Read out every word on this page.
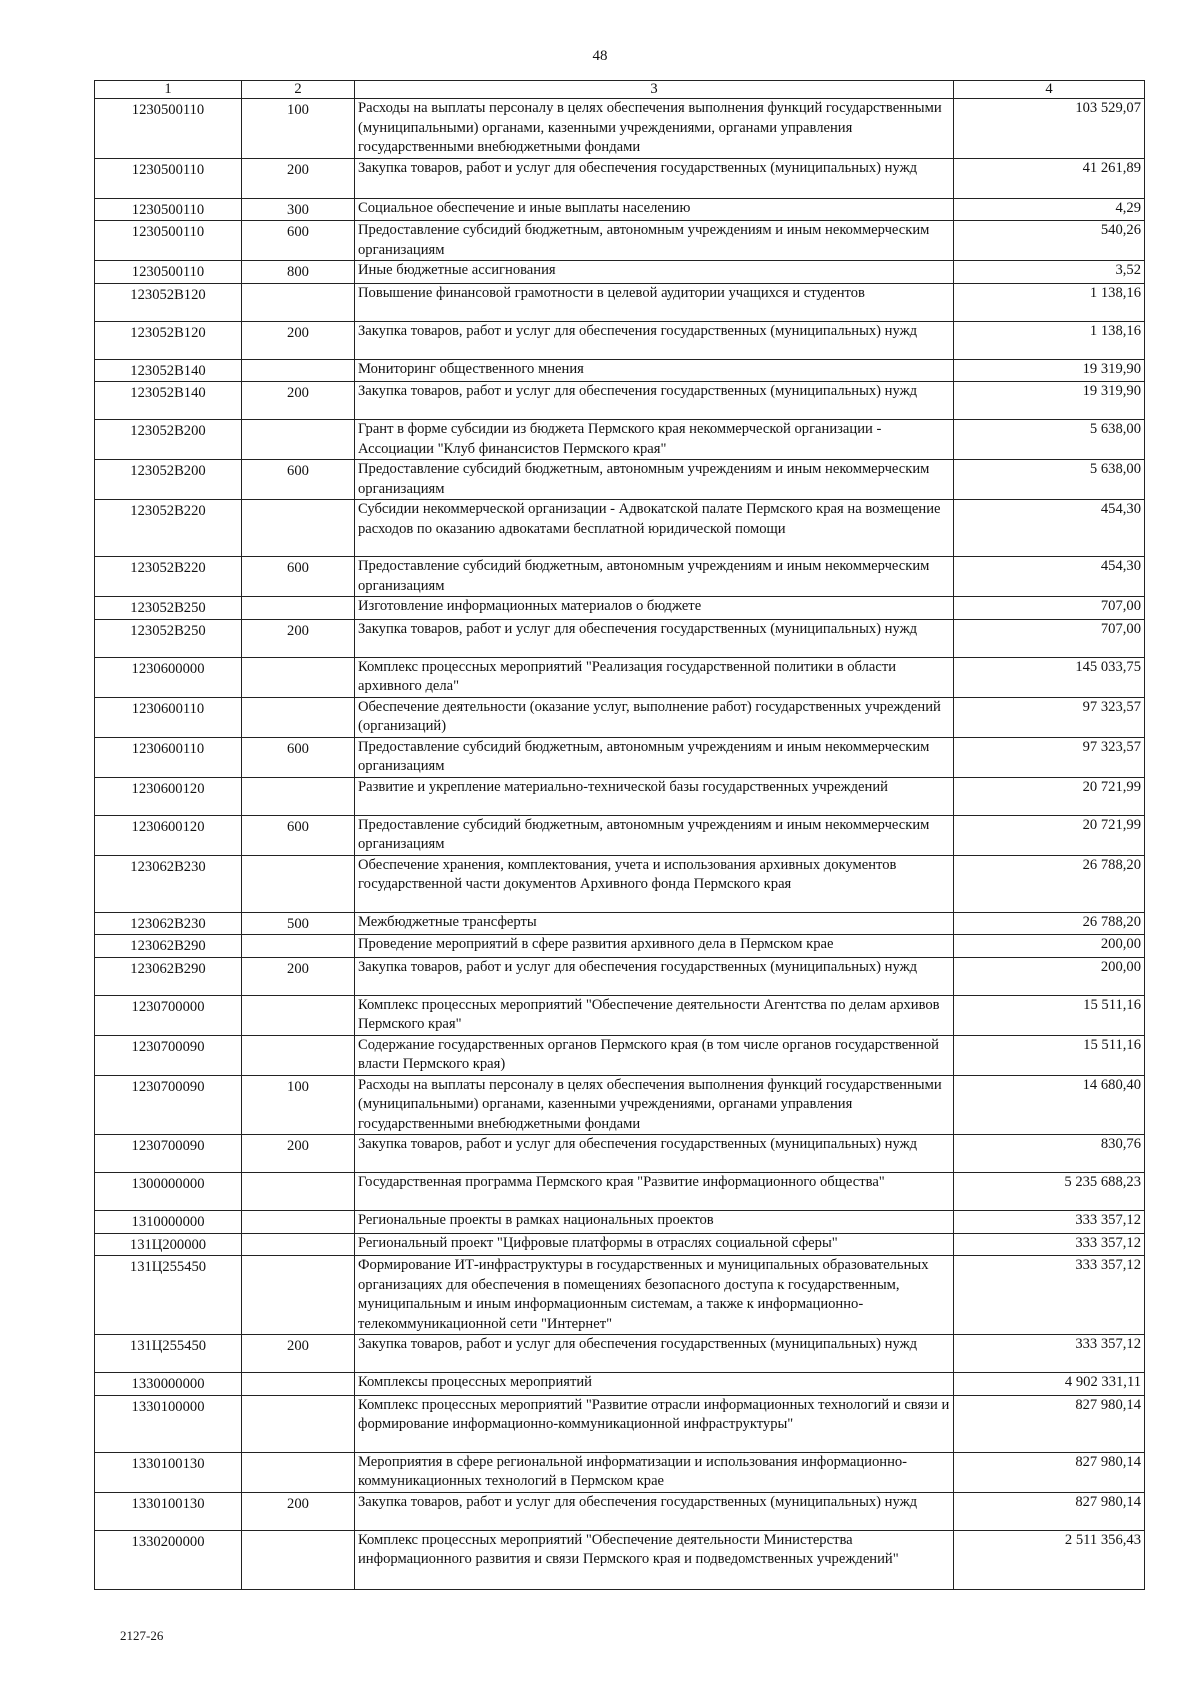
48
1	2	3	4
1230500110	100	Расходы на выплаты персоналу в целях обеспечения выполнения функций государственными (муниципальными) органами, казенными учреждениями, органами управления государственными внебюджетными фондами	103 529,07
1230500110	200	Закупка товаров, работ и услуг для обеспечения государственных (муниципальных) нужд	41 261,89
1230500110	300	Социальное обеспечение и иные выплаты населению	4,29
1230500110	600	Предоставление субсидий бюджетным, автономным учреждениям и иным некоммерческим организациям	540,26
1230500110	800	Иные бюджетные ассигнования	3,52
123052В120		Повышение финансовой грамотности в целевой аудитории учащихся и студентов	1 138,16
123052В120	200	Закупка товаров, работ и услуг для обеспечения государственных (муниципальных) нужд	1 138,16
123052В140		Мониторинг общественного мнения	19 319,90
123052В140	200	Закупка товаров, работ и услуг для обеспечения государственных (муниципальных) нужд	19 319,90
123052В200		Грант в форме субсидии из бюджета Пермского края некоммерческой организации - Ассоциации "Клуб финансистов Пермского края"	5 638,00
123052В200	600	Предоставление субсидий бюджетным, автономным учреждениям и иным некоммерческим организациям	5 638,00
123052В220		Субсидии некоммерческой организации - Адвокатской палате Пермского края на возмещение расходов по оказанию адвокатами бесплатной юридической помощи	454,30
123052В220	600	Предоставление субсидий бюджетным, автономным учреждениям и иным некоммерческим организациям	454,30
123052В250		Изготовление информационных материалов о бюджете	707,00
123052В250	200	Закупка товаров, работ и услуг для обеспечения государственных (муниципальных) нужд	707,00
1230600000		Комплекс процессных мероприятий "Реализация государственной политики в области архивного дела"	145 033,75
1230600110		Обеспечение деятельности (оказание услуг, выполнение работ) государственных учреждений (организаций)	97 323,57
1230600110	600	Предоставление субсидий бюджетным, автономным учреждениям и иным некоммерческим организациям	97 323,57
1230600120		Развитие и укрепление материально-технической базы государственных учреждений	20 721,99
1230600120	600	Предоставление субсидий бюджетным, автономным учреждениям и иным некоммерческим организациям	20 721,99
123062В230		Обеспечение хранения, комплектования, учета и использования архивных документов государственной части документов Архивного фонда Пермского края	26 788,20
123062В230	500	Межбюджетные трансферты	26 788,20
123062В290		Проведение мероприятий в сфере развития архивного дела в Пермском крае	200,00
123062В290	200	Закупка товаров, работ и услуг для обеспечения государственных (муниципальных) нужд	200,00
1230700000		Комплекс процессных мероприятий "Обеспечение деятельности Агентства по делам архивов Пермского края"	15 511,16
1230700090		Содержание государственных органов Пермского края (в том числе органов государственной власти Пермского края)	15 511,16
1230700090	100	Расходы на выплаты персоналу в целях обеспечения выполнения функций государственными (муниципальными) органами, казенными учреждениями, органами управления государственными внебюджетными фондами	14 680,40
1230700090	200	Закупка товаров, работ и услуг для обеспечения государственных (муниципальных) нужд	830,76
1300000000		Государственная программа Пермского края "Развитие информационного общества"	5 235 688,23
1310000000		Региональные проекты в рамках национальных проектов	333 357,12
131Ц200000		Региональный проект "Цифровые платформы в отраслях социальной сферы"	333 357,12
131Ц255450		Формирование ИТ-инфраструктуры в государственных и муниципальных образовательных организациях для обеспечения в помещениях безопасного доступа к государственным, муниципальным и иным информационным системам, а также к информационно-телекоммуникационной сети "Интернет"	333 357,12
131Ц255450	200	Закупка товаров, работ и услуг для обеспечения государственных (муниципальных) нужд	333 357,12
1330000000		Комплексы процессных мероприятий	4 902 331,11
1330100000		Комплекс процессных мероприятий "Развитие отрасли информационных технологий и связи и формирование информационно-коммуникационной инфраструктуры"	827 980,14
1330100130		Мероприятия в сфере региональной информатизации и использования информационно-коммуникационных технологий в Пермском крае	827 980,14
1330100130	200	Закупка товаров, работ и услуг для обеспечения государственных (муниципальных) нужд	827 980,14
1330200000		Комплекс процессных мероприятий "Обеспечение деятельности Министерства информационного развития и связи Пермского края и подведомственных учреждений"	2 511 356,43
2127-26
